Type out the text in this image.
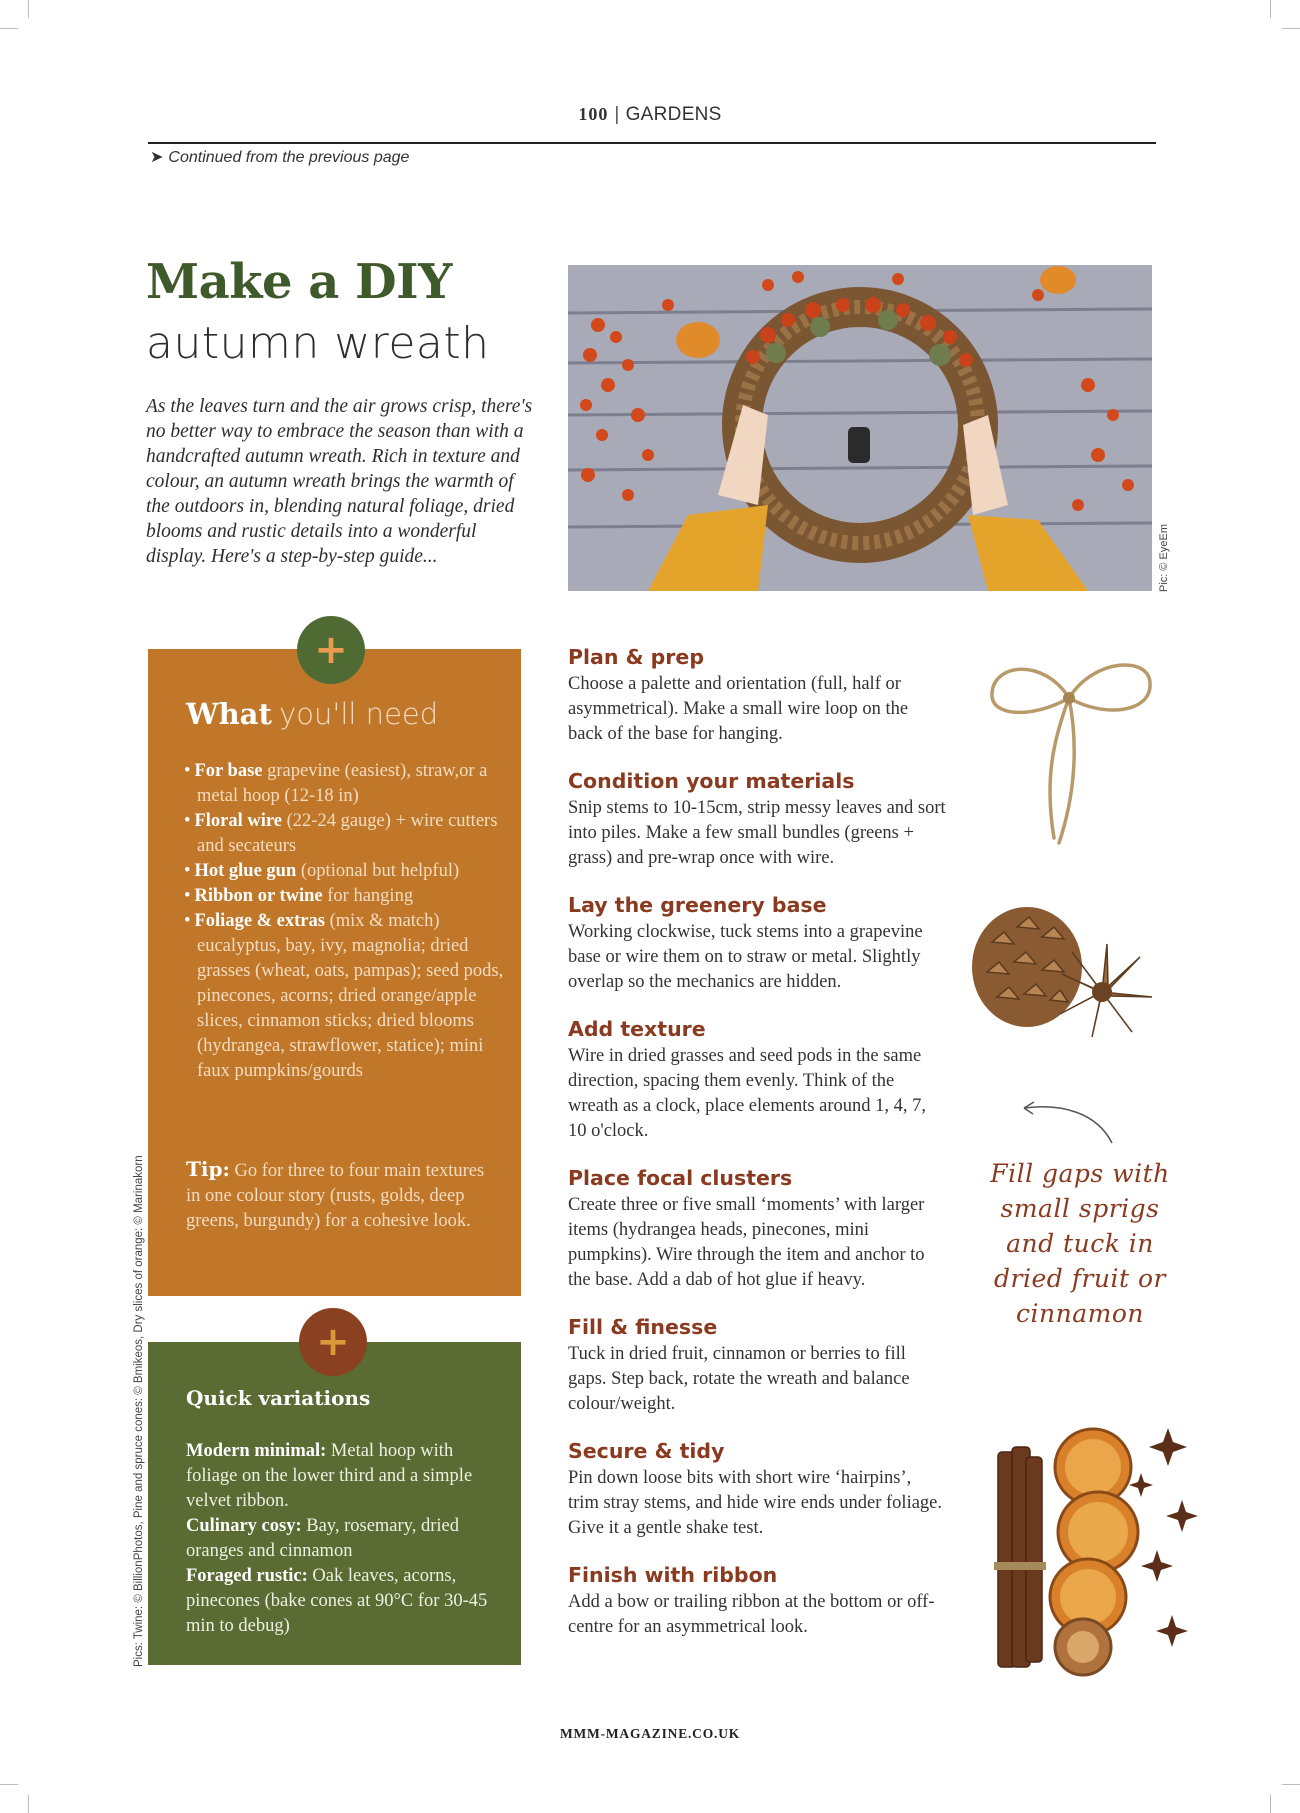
100 | GARDENS
➤ Continued from the previous page
Make a DIY
autumn wreath
As the leaves turn and the air grows crisp, there's no better way to embrace the season than with a handcrafted autumn wreath. Rich in texture and colour, an autumn wreath brings the warmth of the outdoors in, blending natural foliage, dried blooms and rustic details into a wonderful display. Here's a step-by-step guide...	Pic: © EyeEm
Pics: Twine: © BillionPhotos, Pine and spruce cones: © Bmikeos, Dry slices of orange: © Marinakorn
What you'll need
• For base grapevine (easiest), straw,or a metal hoop (12-18 in)
• Floral wire (22-24 gauge) + wire cutters and secateurs
• Hot glue gun (optional but helpful)
• Ribbon or twine for hanging
• Foliage & extras (mix & match) eucalyptus, bay, ivy, magnolia; dried grasses (wheat, oats, pampas); seed pods, pinecones, acorns; dried orange/apple slices, cinnamon sticks; dried blooms (hydrangea, strawflower, statice); mini faux pumpkins/gourds
Tip: Go for three to four main textures in one colour story (rusts, golds, deep greens, burgundy) for a cohesive look.
+
Quick variations
Modern minimal: Metal hoop with foliage on the lower third and a simple velvet ribbon.
Culinary cosy: Bay, rosemary, dried oranges and cinnamon
Foraged rustic: Oak leaves, acorns, pinecones (bake cones at 90°C for 30-45 min to debug)
+
Plan & prep

Choose a palette and orientation (full, half or asymmetrical). Make a small wire loop on the back of the base for hanging.

Condition your materials

Snip stems to 10-15cm, strip messy leaves and sort into piles. Make a few small bundles (greens + grass) and pre-wrap once with wire.

Lay the greenery base

Working clockwise, tuck stems into a grapevine base or wire them on to straw or metal. Slightly overlap so the mechanics are hidden.

Add texture

Wire in dried grasses and seed pods in the same direction, spacing them evenly. Think of the wreath as a clock, place elements around 1, 4, 7, 10 o'clock.

Place focal clusters

Create three or five small ‘moments’ with larger items (hydrangea heads, pinecones, mini pumpkins). Wire through the item and anchor to the base. Add a dab of hot glue if heavy.

Fill & finesse

Tuck in dried fruit, cinnamon or berries to fill gaps. Step back, rotate the wreath and balance colour/weight.

Secure & tidy

Pin down loose bits with short wire ‘hairpins’, trim stray stems, and hide wire ends under foliage. Give it a gentle shake test.

Finish with ribbon

Add a bow or trailing ribbon at the bottom or off-centre for an asymmetrical look.

Fill gaps with small sprigs and tuck in dried fruit or cinnamon
MMM-MAGAZINE.CO.UK
